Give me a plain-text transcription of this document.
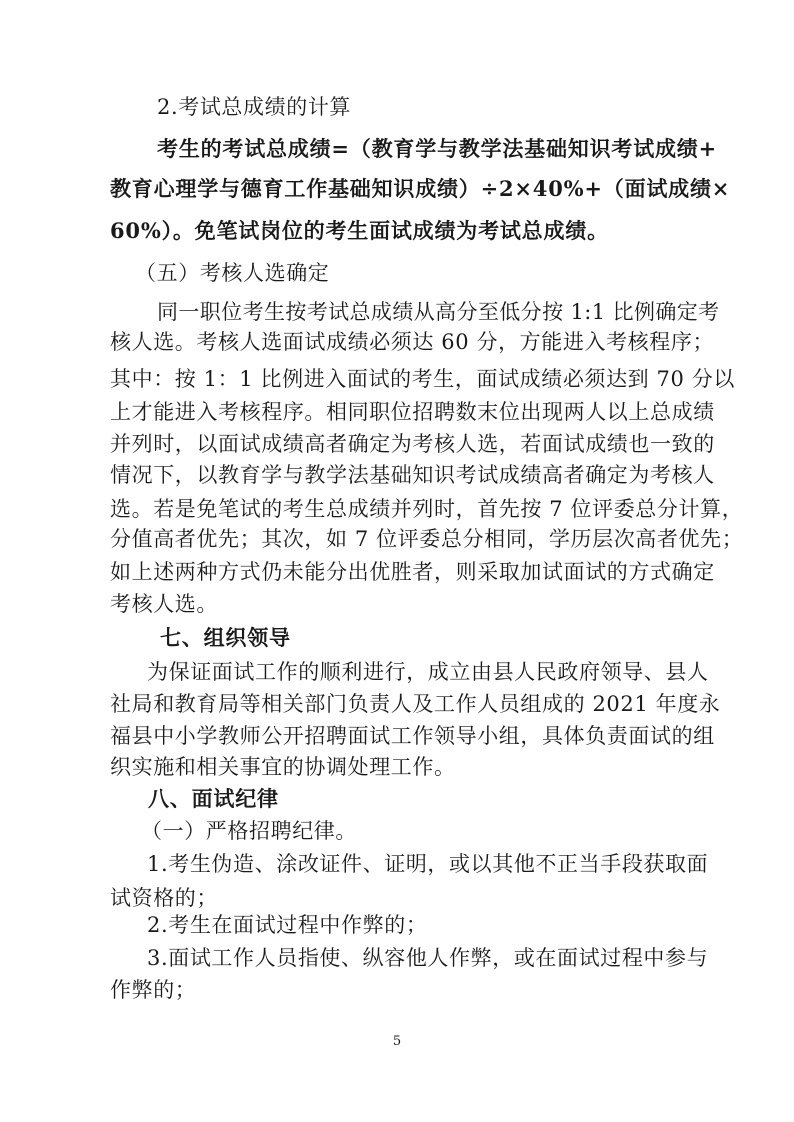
2.考试总成绩的计算
考生的考试总成绩=（教育学与教学法基础知识考试成绩+
教育心理学与德育工作基础知识成绩）÷2×40%+（面试成绩×
60%）。免笔试岗位的考生面试成绩为考试总成绩。
（五）考核人选确定
同一职位考生按考试总成绩从高分至低分按 1:1 比例确定考
核人选。考核人选面试成绩必须达 60 分，方能进入考核程序；
其中：按 1：1 比例进入面试的考生，面试成绩必须达到 70 分以
上才能进入考核程序。相同职位招聘数末位出现两人以上总成绩
并列时，以面试成绩高者确定为考核人选，若面试成绩也一致的
情况下，以教育学与教学法基础知识考试成绩高者确定为考核人
选。若是免笔试的考生总成绩并列时，首先按 7 位评委总分计算，
分值高者优先；其次，如 7 位评委总分相同，学历层次高者优先；
如上述两种方式仍未能分出优胜者，则采取加试面试的方式确定
考核人选。
七、组织领导
为保证面试工作的顺利进行，成立由县人民政府领导、县人
社局和教育局等相关部门负责人及工作人员组成的 2021 年度永
福县中小学教师公开招聘面试工作领导小组，具体负责面试的组
织实施和相关事宜的协调处理工作。
八、面试纪律
（一）严格招聘纪律。
1.考生伪造、涂改证件、证明，或以其他不正当手段获取面
试资格的；
2.考生在面试过程中作弊的；
3.面试工作人员指使、纵容他人作弊，或在面试过程中参与
作弊的；
5
